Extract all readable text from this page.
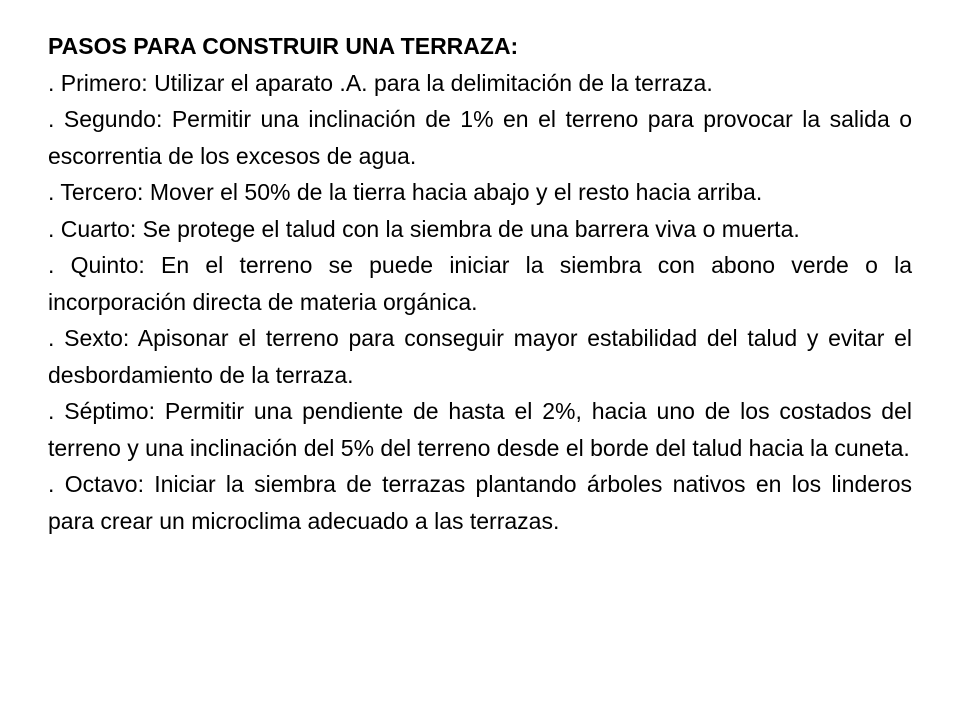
PASOS PARA CONSTRUIR UNA TERRAZA:

. Primero: Utilizar el aparato .A. para la delimitación de la terraza.

. Segundo: Permitir una inclinación de 1% en el terreno para provocar la salida o escorrentia de los excesos de agua.

. Tercero: Mover el 50% de la tierra hacia abajo y el resto hacia arriba.

. Cuarto: Se protege el talud con la siembra de una barrera viva o muerta.

. Quinto: En el terreno se puede iniciar la siembra con abono verde o la incorporación directa de materia orgánica.

. Sexto: Apisonar el terreno para conseguir mayor estabilidad del talud y evitar el desbordamiento de la terraza.

. Séptimo: Permitir una pendiente de hasta el 2%, hacia uno de los costados del terreno y una inclinación del 5% del terreno desde el borde del talud hacia la cuneta.

. Octavo: Iniciar la siembra de terrazas plantando árboles nativos en los linderos para crear un microclima adecuado a las terrazas.
